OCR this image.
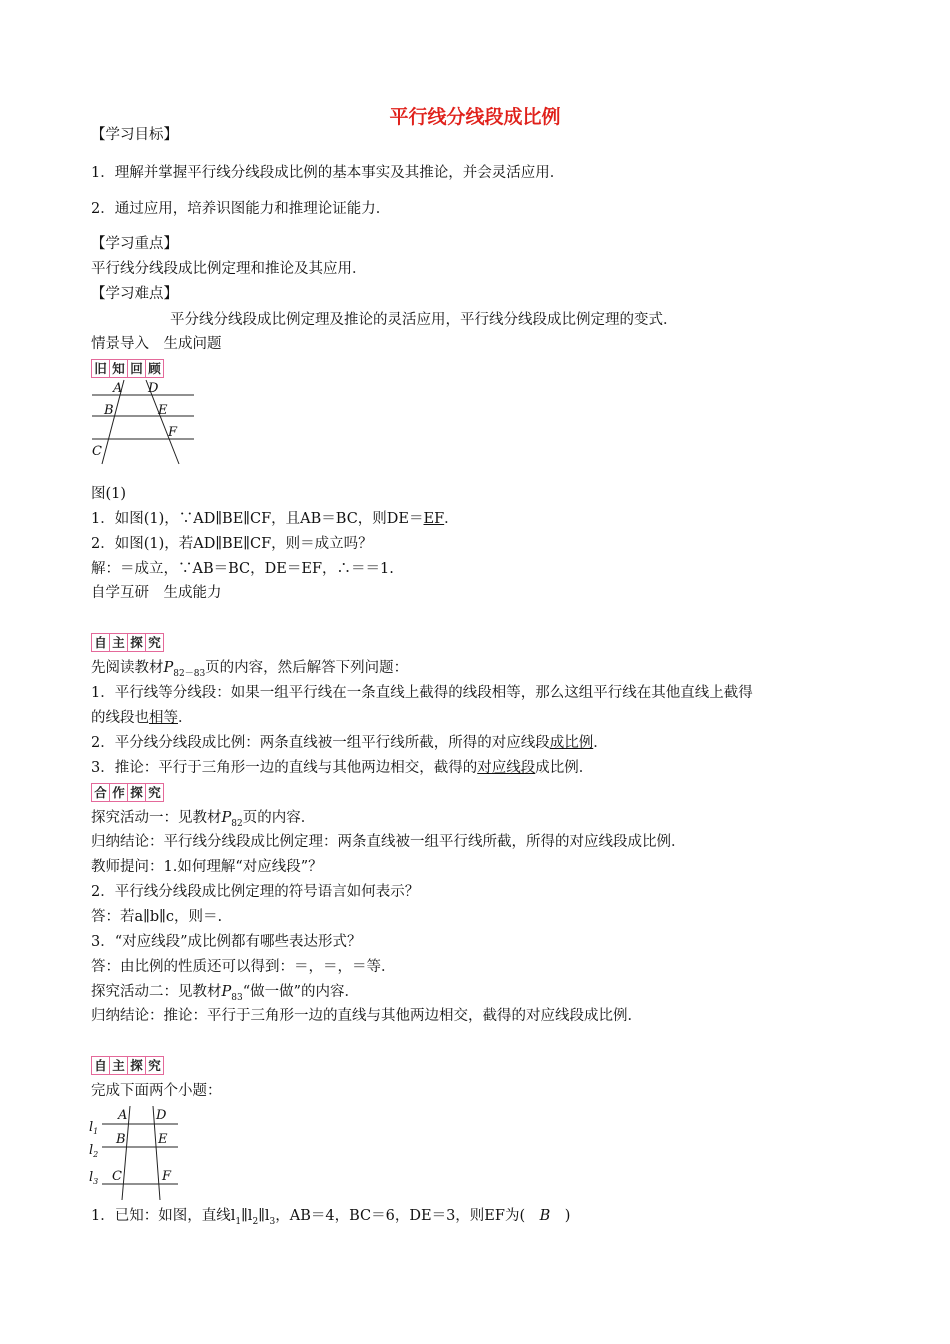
平行线分线段成比例
【学习目标】
1．理解并掌握平行线分线段成比例的基本事实及其推论，并会灵活应用．
2．通过应用，培养识图能力和推理论证能力．
【学习重点】
平行线分线段成比例定理和推论及其应用．
【学习难点】
平分线分线段成比例定理及推论的灵活应用，平行线分线段成比例定理的变式．
情景导入　生成问题
旧 知 回 顾
A D
B	E
F
C
图(1)
1．如图(1)，∵AD∥BE∥CF，且AB＝BC，则DE＝EF．
2．如图(1)，若AD∥BE∥CF，则＝成立吗？
解：＝成立，∵AB＝BC，DE＝EF，∴＝＝1.
自学互研　生成能力
自 主 探 究
先阅读教材$P_{82-83}$页的内容，然后解答下列问题：
1．平行线等分线段：如果一组平行线在一条直线上截得的线段相等，那么这组平行线在其他直线上截得
的线段也相等．
2．平分线分线段成比例：两条直线被一组平行线所截，所得的对应线段成比例．
3．推论：平行于三角形一边的直线与其他两边相交，截得的对应线段成比例．
合 作 探 究
探究活动一：见教材$P_{82}$页的内容．
归纳结论：平行线分线段成比例定理：两条直线被一组平行线所截，所得的对应线段成比例．
教师提问：1.如何理解“对应线段”？
2．平行线分线段成比例定理的符号语言如何表示？
答：若a∥b∥c，则＝.
3．“对应线段”成比例都有哪些表达形式？
答：由比例的性质还可以得到：＝，＝，＝等．
探究活动二：见教材$P_{83}“$做一做”的内容．
归纳结论：推论：平行于三角形一边的直线与其他两边相交，截得的对应线段成比例．
自 主 探 究
完成下面两个小题：
A D
B E
C	F
$l_1$
$l_2$
$l_3$
1．已知：如图，直线$l_1\parallel l_2\parallel l_3$，AB＝4，BC＝6，DE＝3，则EF为(　B　)
